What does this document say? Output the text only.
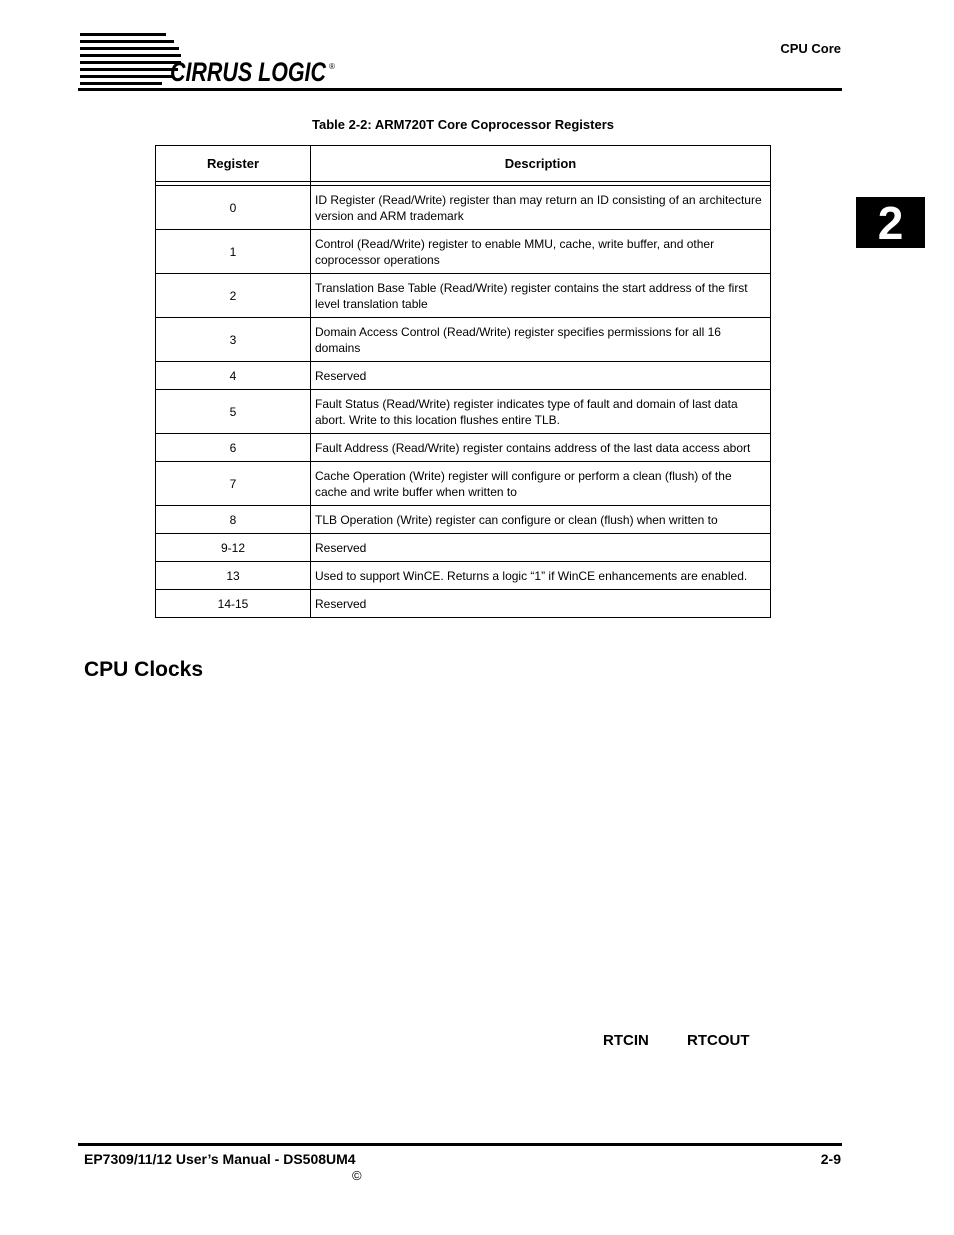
CIRRUS LOGIC ®
CPU Core
2
Table 2-2: ARM720T Core Coprocessor Registers
Register	Description

0	ID Register (Read/Write) register than may return an ID consisting of an architecture version and ARM trademark
1	Control (Read/Write) register to enable MMU, cache, write buffer, and other coprocessor operations
2	Translation Base Table (Read/Write) register contains the start address of the first level translation table
3	Domain Access Control (Read/Write) register specifies permissions for all 16 domains
4	Reserved
5	Fault Status (Read/Write) register indicates type of fault and domain of last data abort. Write to this location flushes entire TLB.
6	Fault Address (Read/Write) register contains address of the last data access abort
7	Cache Operation (Write) register will configure or perform a clean (flush) of the cache and write buffer when written to
8	TLB Operation (Write) register can configure or clean (flush) when written to
9-12	Reserved
13	Used to support WinCE. Returns a logic “1” if WinCE enhancements are enabled.
14-15	Reserved
CPU Clocks
RTCIN	RTCOUT
EP7309/11/12 User’s Manual - DS508UM4	2-9
©
